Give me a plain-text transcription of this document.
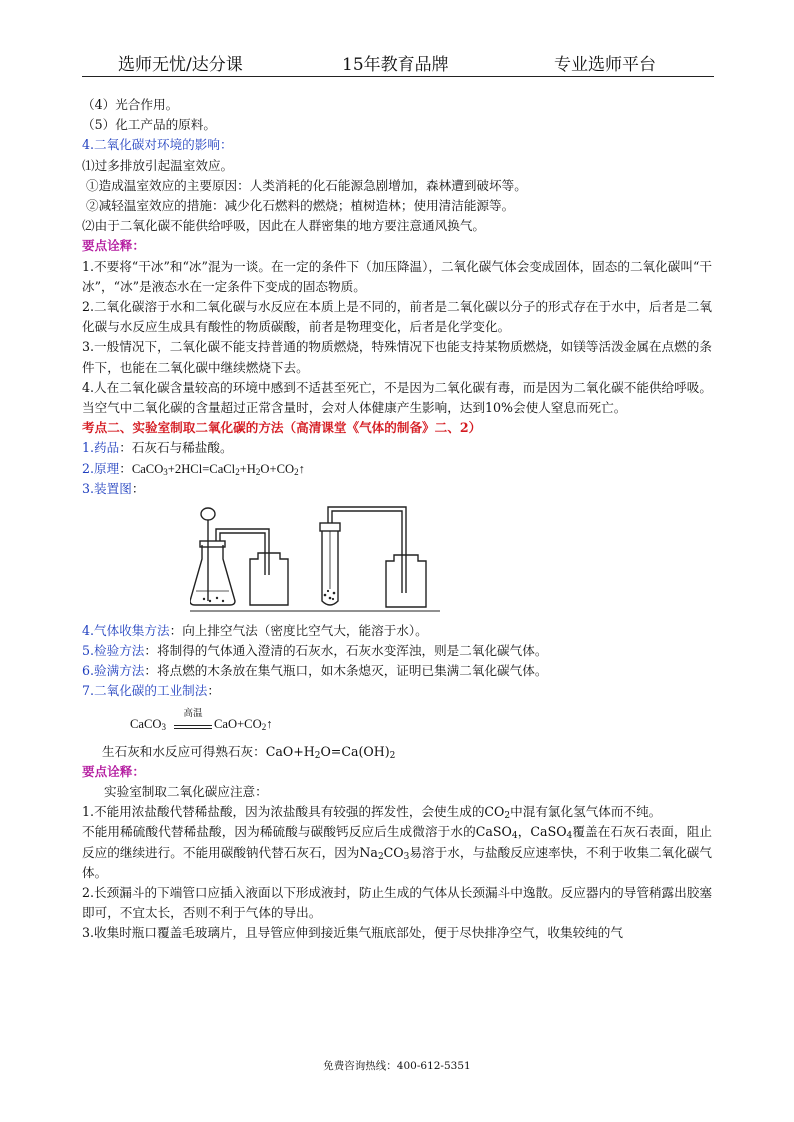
选师无忧/达分课	15年教育品牌	专业选师平台
（4）光合作用。
（5）化工产品的原料。
4.二氧化碳对环境的影响：
⑴过多排放引起温室效应。
①造成温室效应的主要原因：人类消耗的化石能源急剧增加，森林遭到破坏等。
②减轻温室效应的措施：减少化石燃料的燃烧；植树造林；使用清洁能源等。
⑵由于二氧化碳不能供给呼吸，因此在人群密集的地方要注意通风换气。
要点诠释：
1.不要将“干冰”和“冰”混为一谈。在一定的条件下（加压降温），二氧化碳气体会变成固体，固态的二氧化碳叫“干冰”，“冰”是液态水在一定条件下变成的固态物质。
2.二氧化碳溶于水和二氧化碳与水反应在本质上是不同的，前者是二氧化碳以分子的形式存在于水中，后者是二氧化碳与水反应生成具有酸性的物质碳酸，前者是物理变化，后者是化学变化。
3.一般情况下，二氧化碳不能支持普通的物质燃烧，特殊情况下也能支持某物质燃烧，如镁等活泼金属在点燃的条件下，也能在二氧化碳中继续燃烧下去。
4.人在二氧化碳含量较高的环境中感到不适甚至死亡，不是因为二氧化碳有毒，而是因为二氧化碳不能供给呼吸。当空气中二氧化碳的含量超过正常含量时，会对人体健康产生影响，达到10%会使人窒息而死亡。
考点二、实验室制取二氧化碳的方法（高清课堂《气体的制备》二、2）
1.药品：石灰石与稀盐酸。
2.原理：$CaCO_3+2HCl=CaCl_2+H_2O+CO_2↑$
3.装置图：
4.气体收集方法：向上排空气法（密度比空气大，能溶于水）。
5.检验方法：将制得的气体通入澄清的石灰水，石灰水变浑浊，则是二氧化碳气体。
6.验满方法：将点燃的木条放在集气瓶口，如木条熄灭，证明已集满二氧化碳气体。
7.二氧化碳的工业制法：
CaCO$_3$
高温
$CaO+CO_2↑$
生石灰和水反应可得熟石灰：$CaO+H_2O=Ca(OH)_2$
要点诠释：
实验室制取二氧化碳应注意：
1.不能用浓盐酸代替稀盐酸，因为浓盐酸具有较强的挥发性，会使生成的$CO_2$中混有氯化氢气体而不纯。
不能用稀硫酸代替稀盐酸，因为稀硫酸与碳酸钙反应后生成微溶于水的CaSO$_4$，CaSO$_4$覆盖在石灰石表面，阻止反应的继续进行。不能用碳酸钠代替石灰石，因为$Na_2CO_3$易溶于水，与盐酸反应速率快，不利于收集二氧化碳气体。
2.长颈漏斗的下端管口应插入液面以下形成液封，防止生成的气体从长颈漏斗中逸散。反应器内的导管稍露出胶塞即可，不宜太长，否则不利于气体的导出。
3.收集时瓶口覆盖毛玻璃片，且导管应伸到接近集气瓶底部处，便于尽快排净空气，收集较纯的气
免费咨询热线：400-612-5351
